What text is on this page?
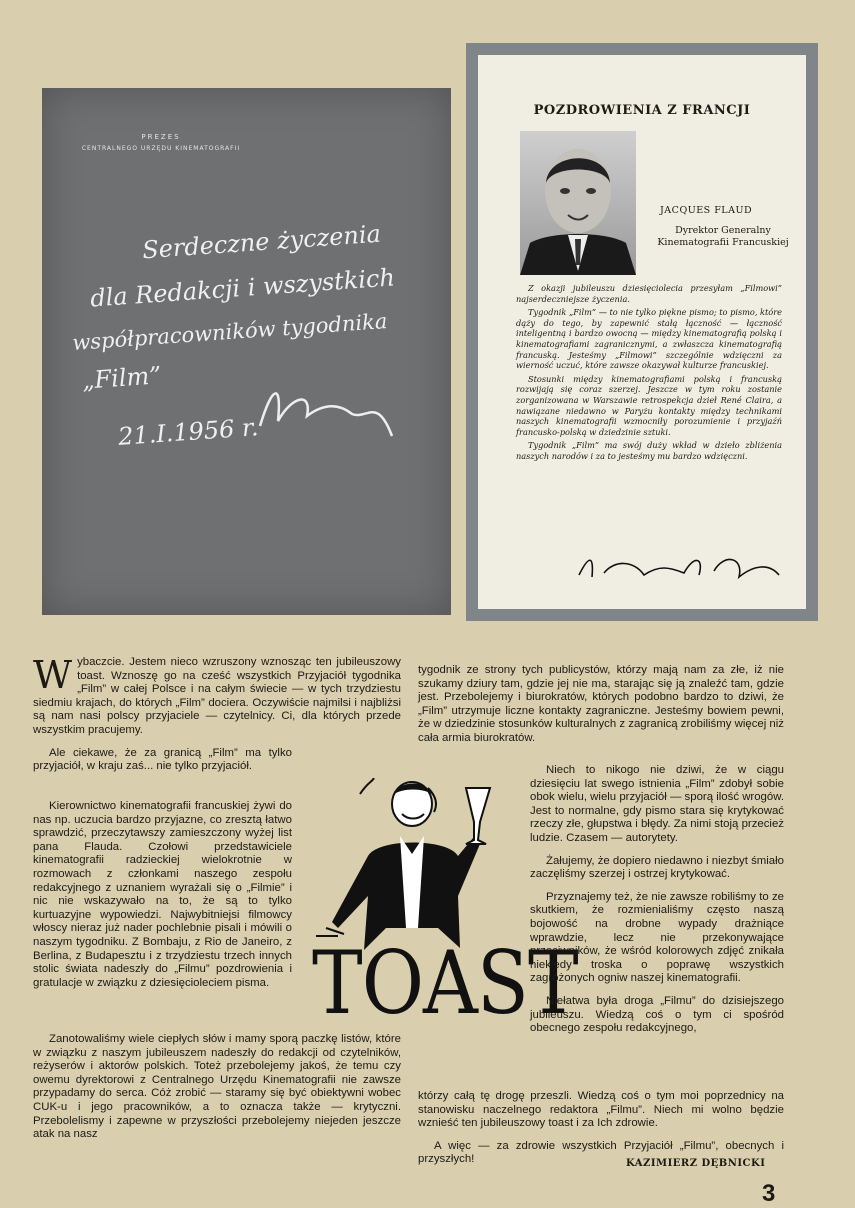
PREZES
CENTRALNEGO URZĘDU KINEMATOGRAFII
Serdeczne życzenia
dla Redakcji i wszystkich
współpracowników tygodnika
„Film”
21.I.1956 r.
POZDROWIENIA Z FRANCJI
JACQUES FLAUD
Dyrektor Generalny Kinematografii Francuskiej

Z okazji jubileuszu dziesięciolecia przesyłam „Filmowi” najserdeczniejsze życzenia.

Tygodnik „Film” — to nie tylko piękne pismo; to pismo, które dąży do tego, by zapewnić stałą łączność — łączność inteligentną i bardzo owocną — między kinematografią polską i kinematografiami zagranicznymi, a zwłaszcza kinematografią francuską. Jesteśmy „Filmowi” szczególnie wdzięczni za wierność uczuć, które zawsze okazywał kulturze francuskiej.

Stosunki między kinematografiami polską i francuską rozwijają się coraz szerzej. Jeszcze w tym roku zostanie zorganizowana w Warszawie retrospekcja dzieł René Claira, a nawiązane niedawno w Paryżu kontakty między technikami naszych kinematografii wzmocniły porozumienie i przyjaźń francusko-polską w dziedzinie sztuki.

Tygodnik „Film” ma swój duży wkład w dzieło zbliżenia naszych narodów i za to jesteśmy mu bardzo wdzięczni.

Wybaczcie. Jestem nieco wzruszony wznosząc ten jubileuszowy toast. Wznoszę go na cześć wszystkich Przyjaciół tygodnika „Film” w całej Polsce i na całym świecie — w tych trzydziestu siedmiu krajach, do których „Film” dociera. Oczywiście najmilsi i najbliżsi są nam nasi polscy przyjaciele — czytelnicy. Ci, dla których przede wszystkim pracujemy.

Ale ciekawe, że za granicą „Film” ma tylko przyjaciół, w kraju zaś... nie tylko przyjaciół.

Kierownictwo kinematografii francuskiej żywi do nas np. uczucia bardzo przyjazne, co zresztą łatwo sprawdzić, przeczytawszy zamieszczony wyżej list pana Flauda. Czołowi przedstawiciele kinematografii radzieckiej wielokrotnie w rozmowach z członkami naszego zespołu redakcyjnego z uznaniem wyrażali się o „Filmie” i nic nie wskazywało na to, że są to tylko kurtuazyjne wypowiedzi. Najwybitniejsi filmowcy włoscy nieraz już nader pochlebnie pisali i mówili o naszym tygodniku. Z Bombaju, z Rio de Janeiro, z Berlina, z Budapesztu i z trzydziestu trzech innych stolic świata nadeszły do „Filmu” pozdrowienia i gratulacje w związku z dziesięcioleciem pisma.

Zanotowaliśmy wiele ciepłych słów i mamy sporą paczkę listów, które w związku z naszym jubileuszem nadeszły do redakcji od czytelników, reżyserów i aktorów polskich. Toteż przebolejemy jakoś, że temu czy owemu dyrektorowi z Centralnego Urzędu Kinematografii nie zawsze przypadamy do serca. Cóż zrobić — staramy się być obiektywni wobec CUK-u i jego pracowników, a to oznacza także — krytyczni. Przebolelismy i zapewne w przyszłości przebolejemy niejeden jeszcze atak na nasz

TOAST

tygodnik ze strony tych publicystów, którzy mają nam za złe, iż nie szukamy dziury tam, gdzie jej nie ma, starając się ją znaleźć tam, gdzie jest. Przebolejemy i biurokratów, których podobno bardzo to dziwi, że „Film” utrzymuje liczne kontakty zagraniczne. Jesteśmy bowiem pewni, że w dziedzinie stosunków kulturalnych z zagranicą zrobiliśmy więcej niż cała armia biurokratów.

Niech to nikogo nie dziwi, że w ciągu dziesięciu lat swego istnienia „Film” zdobył sobie obok wielu, wielu przyjaciół — sporą ilość wrogów. Jest to normalne, gdy pismo stara się krytykować rzeczy złe, głupstwa i błędy. Za nimi stoją przecież ludzie. Czasem — autorytety.

Żałujemy, że dopiero niedawno i niezbyt śmiało zaczęliśmy szerzej i ostrzej krytykować.

Przyznajemy też, że nie zawsze robiliśmy to ze skutkiem, że rozmienialiśmy często naszą bojowość na drobne wypady drażniące wprawdzie, lecz nie przekonywające przeciwników, że wśród kolorowych zdjęć znikała niekiedy troska o poprawę wszystkich zagrożonych ogniw naszej kinematografii.

Niełatwa była droga „Filmu” do dzisiejszego jubileuszu. Wiedzą coś o tym ci spośród obecnego zespołu redakcyjnego,

którzy całą tę drogę przeszli. Wiedzą coś o tym moi poprzednicy na stanowisku naczelnego redaktora „Filmu”. Niech mi wolno będzie wznieść ten jubileuszowy toast i za Ich zdrowie.

A więc — za zdrowie wszystkich Przyjaciół „Filmu”, obecnych i przyszłych!	KAZIMIERZ DĘBNICKI
3
